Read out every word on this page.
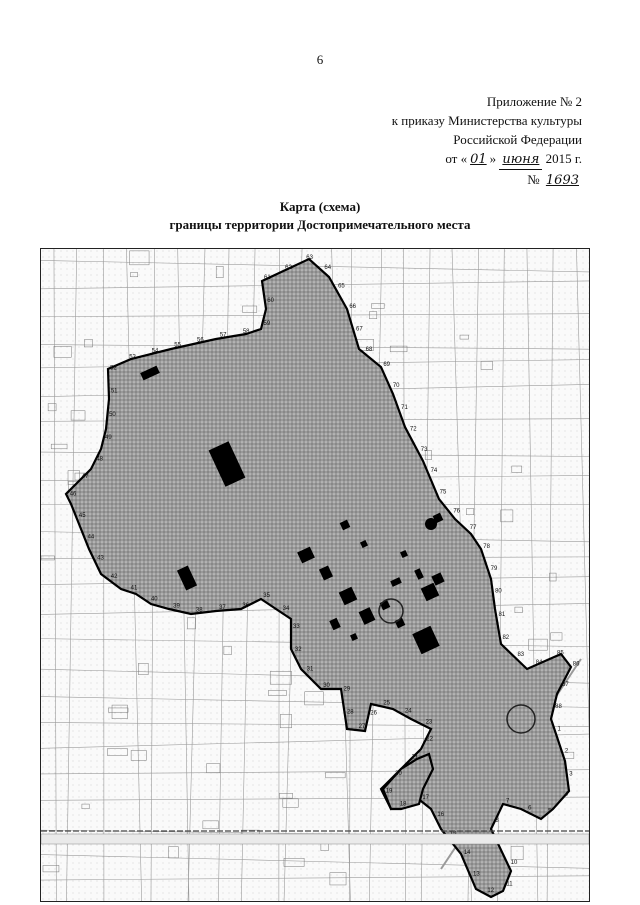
6
Приложение № 2
к приказу Министерства культуры
Российской Федерации
от « 01 » июня 2015 г.
№ 1693
Карта (схема)
границы территории Достопримечательного места
61
62
63
64
65
66
67
68
69
70
71
72
73
74
75
76
77
78
79
80
81
82
83
84
85
86
87
88
1
2
3
4
5
6
7
8
10
11
12
13
14
16
17
18
19
20
21
22
23
24
25
26
27
28
29
30
31
32
33
34
35
36
37
38
39
40
41
42
43
44
45
46
47
48
49
50
51
52
53
54
55
56
57
58
59
60
